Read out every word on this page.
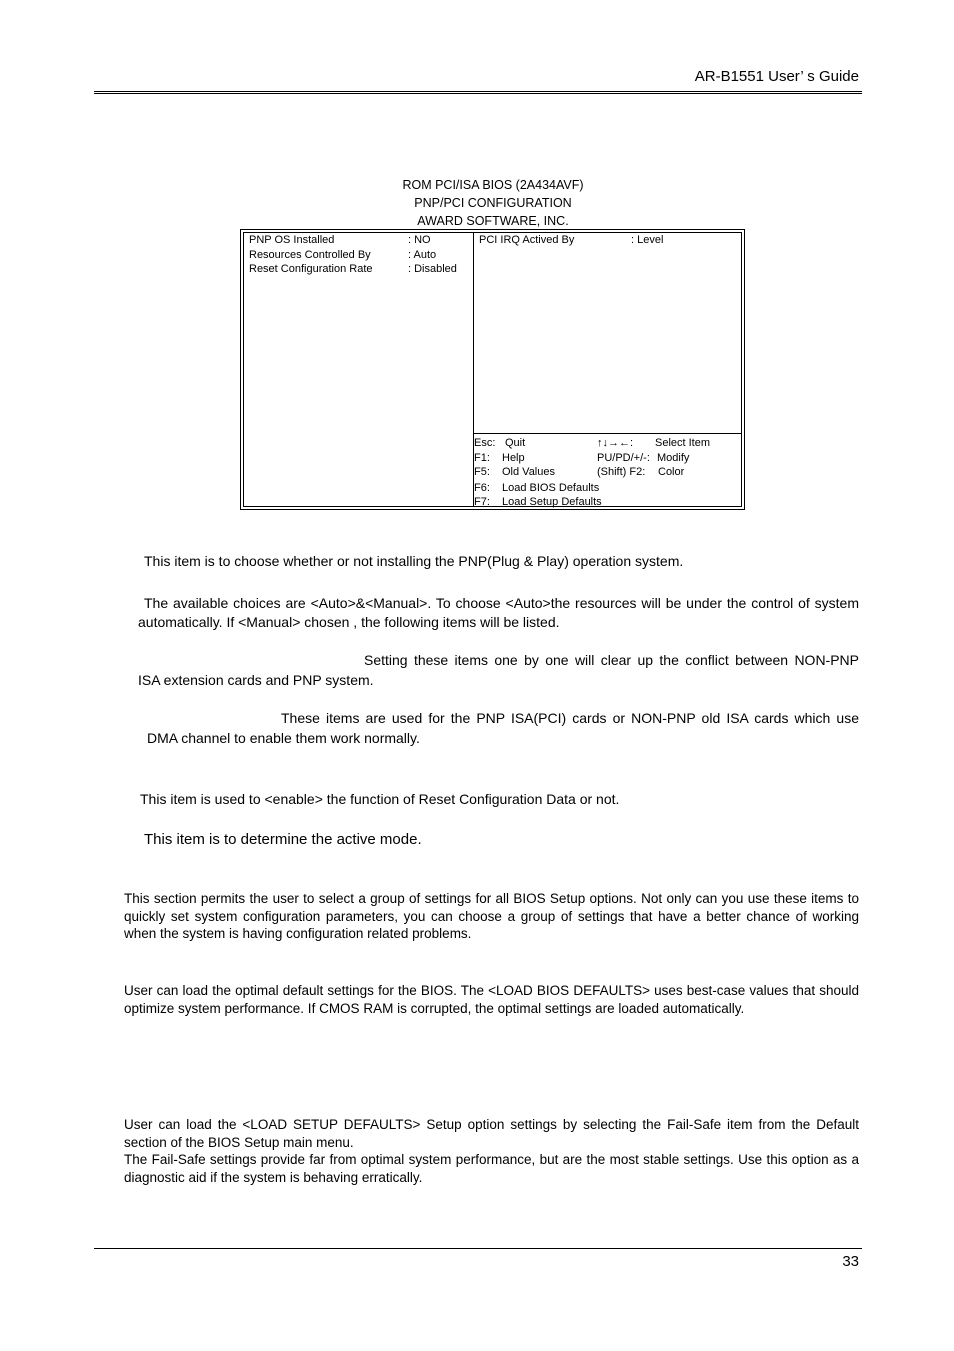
AR-B1551 User’ s Guide
ROM PCI/ISA BIOS (2A434AVF)
PNP/PCI CONFIGURATION
AWARD SOFTWARE, INC.
PNP OS Installed	: NO
Resources Controlled By	: Auto
Reset Configuration Rate	: Disabled
PCI IRQ Actived By	: Level
Esc: Quit	↑↓→←: Select Item
F1: Help	PU/PD/+/-: Modify
F5: Old Values	(Shift) F2: Color
F6: Load BIOS Defaults
F7: Load Setup Defaults
This item is to choose whether or not installing the PNP(Plug & Play) operation system.
The available choices are <Auto>&<Manual>. To choose <Auto>the resources will be under the control of system automatically. If <Manual> chosen , the following items will be listed.
Setting these items one by one will clear up the conflict between NON-PNP
ISA extension cards and PNP system.
These items are used for the PNP ISA(PCI) cards or NON-PNP old ISA cards which use
DMA channel to enable them work normally.
This item is used to <enable> the function of Reset Configuration Data or not.
This item is to determine the active mode.
This section permits the user to select a group of settings for all BIOS Setup options. Not only can you use these items to quickly set system configuration parameters, you can choose a group of settings that have a better chance of working when the system is having configuration related problems.
User can load the optimal default settings for the BIOS. The <LOAD BIOS DEFAULTS> uses best-case values that should optimize system performance. If CMOS RAM is corrupted, the optimal settings are loaded automatically.
User can load the <LOAD SETUP DEFAULTS> Setup option settings by selecting the Fail-Safe item from the Default section of the BIOS Setup main menu.
The Fail-Safe settings provide far from optimal system performance, but are the most stable settings. Use this option as a diagnostic aid if the system is behaving erratically.
33
